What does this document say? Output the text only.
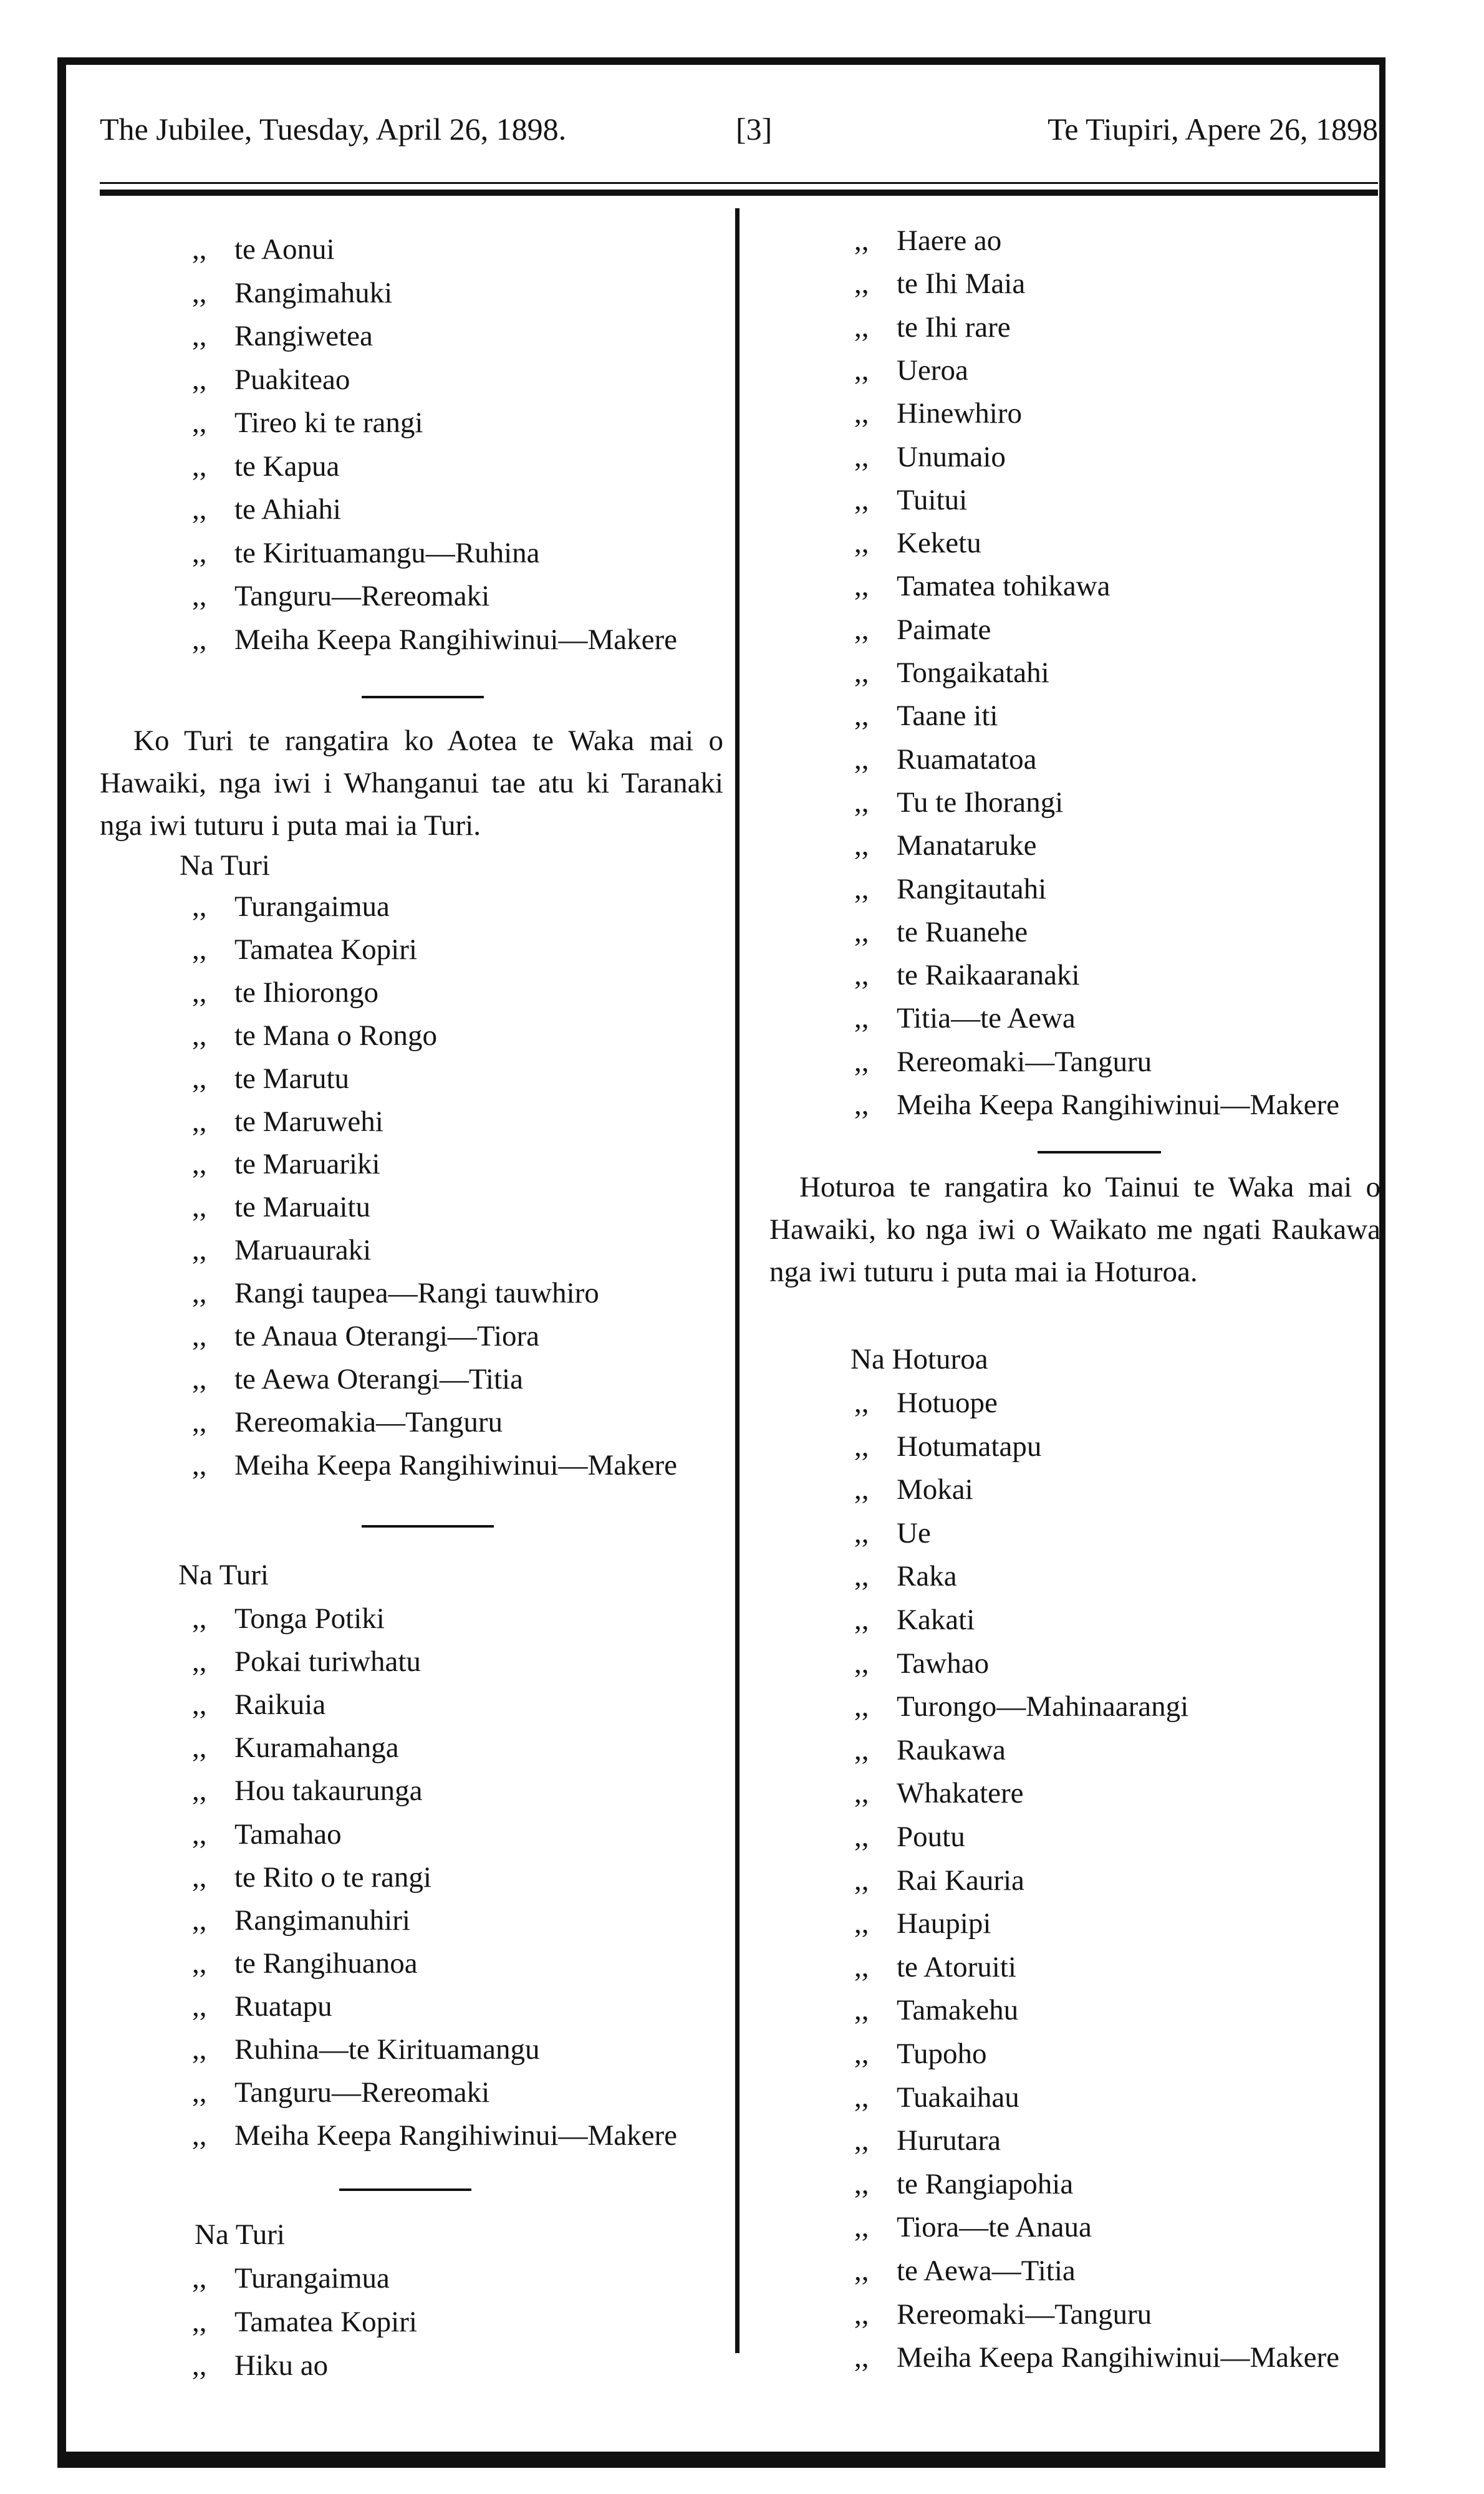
The Jubilee, Tuesday, April 26, 1898.	[3]	Te Tiupiri, Apere 26, 1898
,, te Aonui
,, Rangimahuki
,, Rangiwetea
,, Puakiteao
,, Tireo ki te rangi
,, te Kapua
,, te Ahiahi
,, te Kirituamangu—Ruhina
,, Tanguru—Rereomaki
,, Meiha Keepa Rangihiwinui—Makere
Ko Turi te rangatira ko Aotea te Waka mai o Hawaiki, nga iwi i Whanganui tae atu ki Taranaki nga iwi tuturu i puta mai ia Turi.
Na Turi
,, Turangaimua
,, Tamatea Kopiri
,, te Ihiorongo
,, te Mana o Rongo
,, te Marutu
,, te Maruwehi
,, te Maruariki
,, te Maruaitu
,, Maruauraki
,, Rangi taupea—Rangi tauwhiro
,, te Anaua Oterangi—Tiora
,, te Aewa Oterangi—Titia
,, Rereomakia—Tanguru
,, Meiha Keepa Rangihiwinui—Makere
Na Turi
,, Tonga Potiki
,, Pokai turiwhatu
,, Raikuia
,, Kuramahanga
,, Hou takaurunga
,, Tamahao
,, te Rito o te rangi
,, Rangimanuhiri
,, te Rangihuanoa
,, Ruatapu
,, Ruhina—te Kirituamangu
,, Tanguru—Rereomaki
,, Meiha Keepa Rangihiwinui—Makere
Na Turi
,, Turangaimua
,, Tamatea Kopiri
,, Hiku ao
,, Haere ao
,, te Ihi Maia
,, te Ihi rare
,, Ueroa
,, Hinewhiro
,, Unumaio
,, Tuitui
,, Keketu
,, Tamatea tohikawa
,, Paimate
,, Tongaikatahi
,, Taane iti
,, Ruamatatoa
,, Tu te Ihorangi
,, Manataruke
,, Rangitautahi
,, te Ruanehe
,, te Raikaaranaki
,, Titia—te Aewa
,, Rereomaki—Tanguru
,, Meiha Keepa Rangihiwinui—Makere
Hoturoa te rangatira ko Tainui te Waka mai o Hawaiki, ko nga iwi o Waikato me ngati Raukawa nga iwi tuturu i puta mai ia Hoturoa.
Na Hoturoa
,, Hotuope
,, Hotumatapu
,, Mokai
,, Ue
,, Raka
,, Kakati
,, Tawhao
,, Turongo—Mahinaarangi
,, Raukawa
,, Whakatere
,, Poutu
,, Rai Kauria
,, Haupipi
,, te Atoruiti
,, Tamakehu
,, Tupoho
,, Tuakaihau
,, Hurutara
,, te Rangiapohia
,, Tiora—te Anaua
,, te Aewa—Titia
,, Rereomaki—Tanguru
,, Meiha Keepa Rangihiwinui—Makere
